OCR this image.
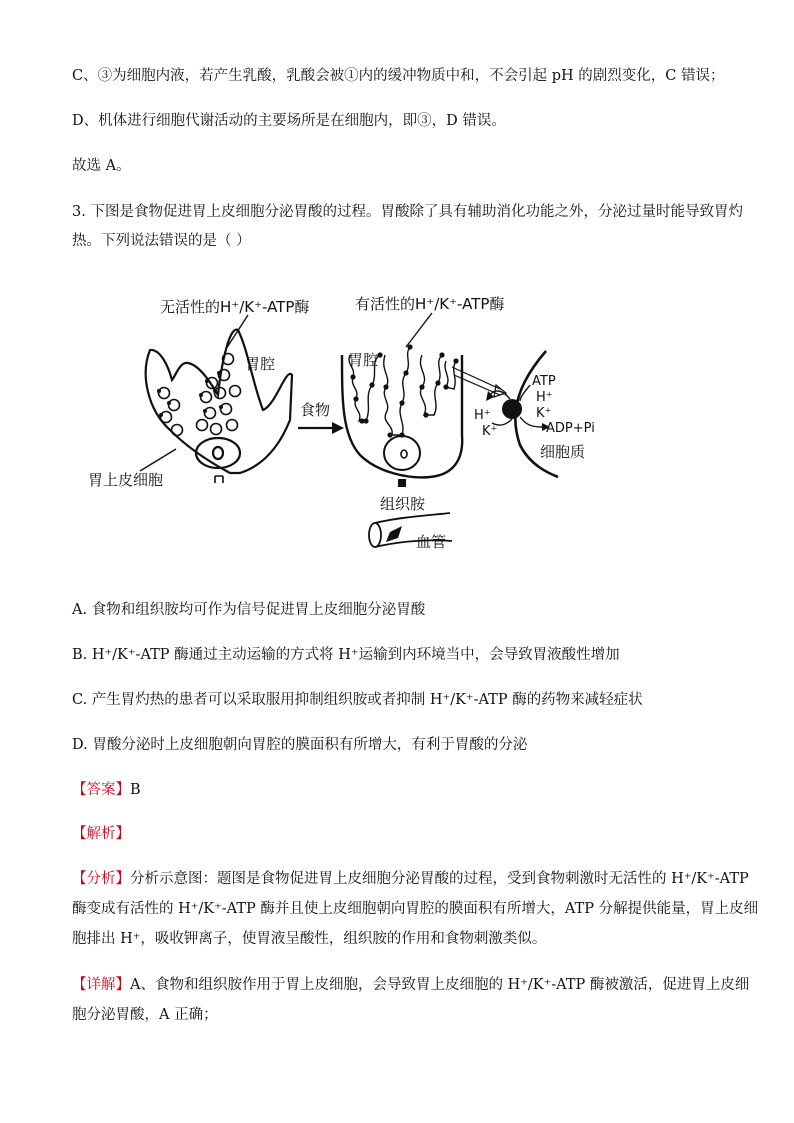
C、③为细胞内液，若产生乳酸，乳酸会被①内的缓冲物质中和，不会引起 pH 的剧烈变化，C 错误；
D、机体进行细胞代谢活动的主要场所是在细胞内，即③，D 错误。
故选 A。
3. 下图是食物促进胃上皮细胞分泌胃酸的过程。胃酸除了具有辅助消化功能之外，分泌过量时能导致胃灼
热。下列说法错误的是（ ）
无活性的H⁺/K⁺-ATP酶
胃腔
胃上皮细胞
食物
有活性的H⁺/K⁺-ATP酶
胃腔
组织胺
血管
ATP
H⁺
K⁺
ADP+Pi
H⁺
K⁺
细胞质
A. 食物和组织胺均可作为信号促进胃上皮细胞分泌胃酸
B. H⁺/K⁺-ATP 酶通过主动运输的方式将 H⁺运输到内环境当中，会导致胃液酸性增加
C. 产生胃灼热的患者可以采取服用抑制组织胺或者抑制 H⁺/K⁺-ATP 酶的药物来减轻症状
D. 胃酸分泌时上皮细胞朝向胃腔的膜面积有所增大，有利于胃酸的分泌
【答案】B
【解析】
【分析】分析示意图：题图是食物促进胃上皮细胞分泌胃酸的过程，受到食物刺激时无活性的 H⁺/K⁺-ATP
酶变成有活性的 H⁺/K⁺-ATP 酶并且使上皮细胞朝向胃腔的膜面积有所增大，ATP 分解提供能量，胃上皮细
胞排出 H⁺，吸收钾离子，使胃液呈酸性，组织胺的作用和食物刺激类似。
【详解】A、食物和组织胺作用于胃上皮细胞，会导致胃上皮细胞的 H⁺/K⁺-ATP 酶被激活，促进胃上皮细
胞分泌胃酸，A 正确；
